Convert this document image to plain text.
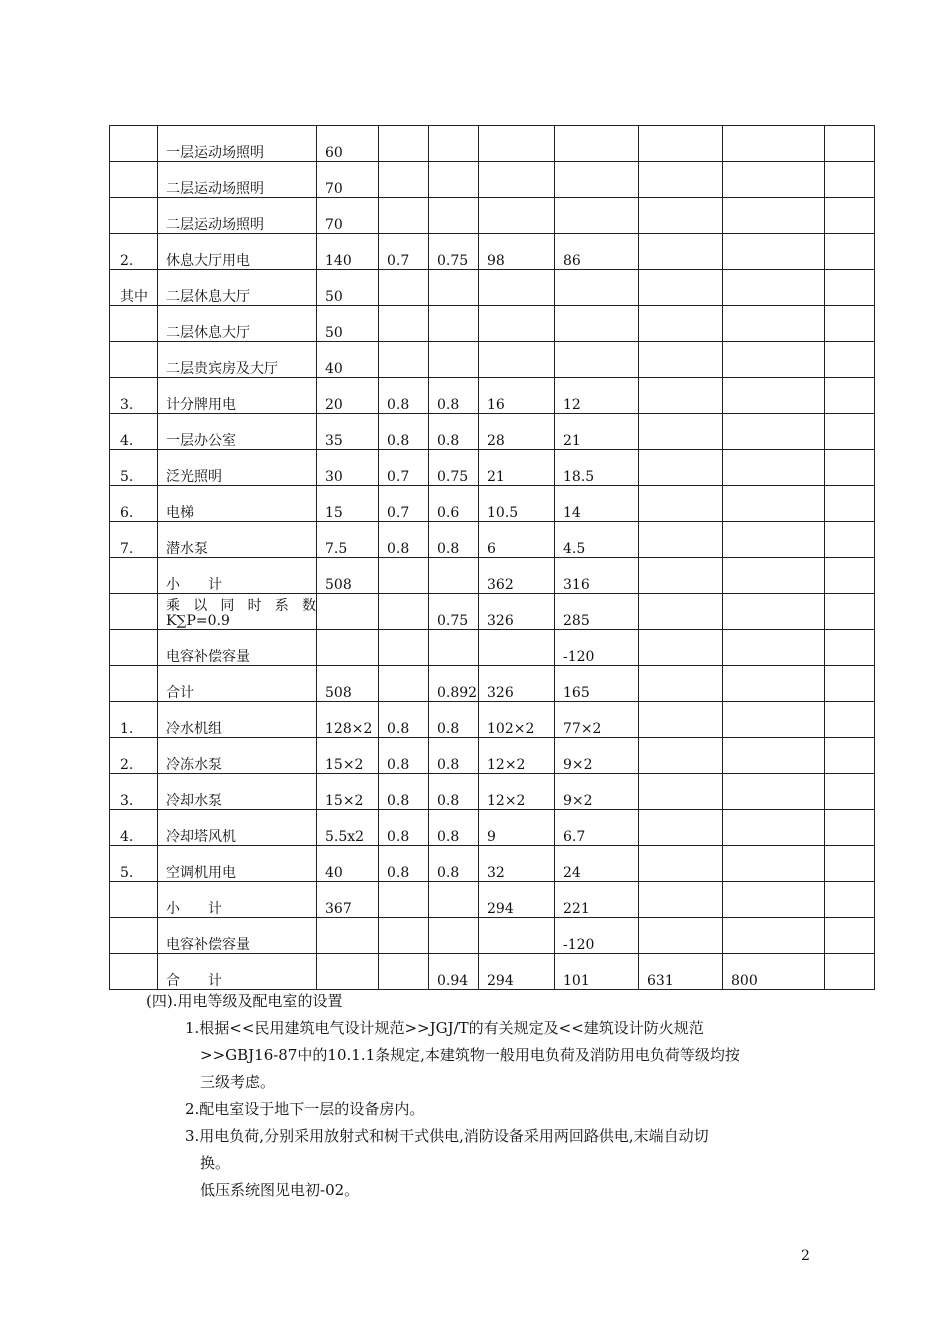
	一层运动场照明	60							
	二层运动场照明	70							
	二层运动场照明	70							
2.	休息大厅用电	140	0.7	0.75	98	86			
其中	二层休息大厅	50							
	二层休息大厅	50							
	二层贵宾房及大厅	40							
3.	计分牌用电	20	0.8	0.8	16	12			
4.	一层办公室	35	0.8	0.8	28	21			
5.	泛光照明	30	0.7	0.75	21	18.5			
6.	电梯	15	0.7	0.6	10.5	14			
7.	潜水泵	7.5	0.8	0.8	6	4.5			
	小　　计	508			362	316			
	乘 以 同 时 系 数 K∑P=0.9			0.75	326	285			
	电容补偿容量					-120			
	合计	508		0.892	326	165			
1.	冷水机组	128×2	0.8	0.8	102×2	77×2			
2.	冷冻水泵	15×2	0.8	0.8	12×2	9×2			
3.	冷却水泵	15×2	0.8	0.8	12×2	9×2			
4.	冷却塔风机	5.5x2	0.8	0.8	9	6.7			
5.	空调机用电	40	0.8	0.8	32	24			
	小　　计	367			294	221			
	电容补偿容量					-120			
	合　　计			0.94	294	101	631	800	
(四).用电等级及配电室的设置
1.根据<<民用建筑电气设计规范>>JGJ/T的有关规定及<<建筑设计防火规范
>>GBJ16-87中的10.1.1条规定,本建筑物一般用电负荷及消防用电负荷等级均按
三级考虑。
2.配电室设于地下一层的设备房内。
3.用电负荷,分别采用放射式和树干式供电,消防设备采用两回路供电,末端自动切
换。
低压系统图见电初-02。
2
